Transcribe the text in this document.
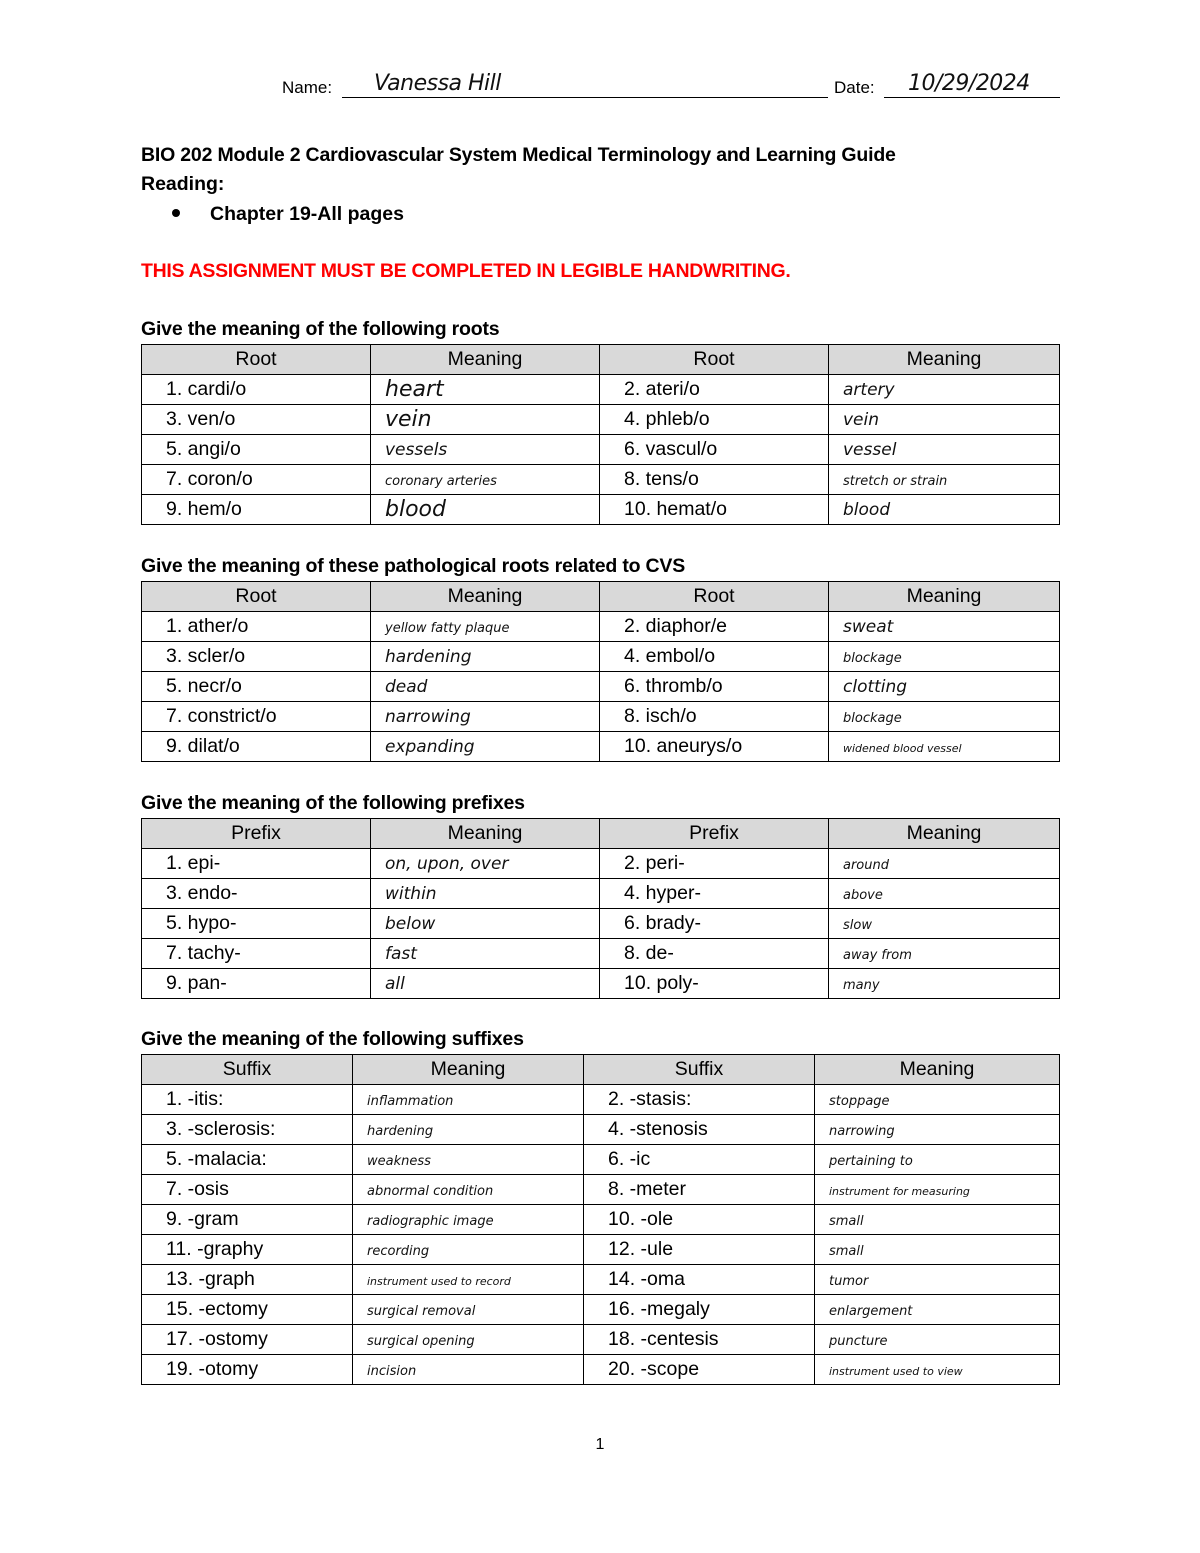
Name: Vanessa Hill	Date: 10/29/2024
BIO 202 Module 2 Cardiovascular System Medical Terminology and Learning Guide
Reading:
Chapter 19-All pages
THIS ASSIGNMENT MUST BE COMPLETED IN LEGIBLE HANDWRITING.
Give the meaning of the following roots
Root	Meaning	Root	Meaning
1. cardi/o	heart	2. ateri/o	artery
3. ven/o	vein	4. phleb/o	vein
5. angi/o	vessels	6. vascul/o	vessel
7. coron/o	coronary arteries	8. tens/o	stretch or strain
9. hem/o	blood	10. hemat/o	blood
Give the meaning of these pathological roots related to CVS
Root	Meaning	Root	Meaning
1. ather/o	yellow fatty plaque	2. diaphor/e	sweat
3. scler/o	hardening	4. embol/o	blockage
5. necr/o	dead	6. thromb/o	clotting
7. constrict/o	narrowing	8. isch/o	blockage
9. dilat/o	expanding	10. aneurys/o	widened blood vessel
Give the meaning of the following prefixes
Prefix	Meaning	Prefix	Meaning
1. epi-	on, upon, over	2. peri-	around
3. endo-	within	4. hyper-	above
5. hypo-	below	6. brady-	slow
7. tachy-	fast	8. de-	away from
9. pan-	all	10. poly-	many
Give the meaning of the following suffixes
Suffix	Meaning	Suffix	Meaning
1. -itis:	inflammation	2. -stasis:	stoppage
3. -sclerosis:	hardening	4. -stenosis	narrowing
5. -malacia:	weakness	6. -ic	pertaining to
7. -osis	abnormal condition	8. -meter	instrument for measuring
9. -gram	radiographic image	10. -ole	small
11. -graphy	recording	12. -ule	small
13. -graph	instrument used to record	14. -oma	tumor
15. -ectomy	surgical removal	16. -megaly	enlargement
17. -ostomy	surgical opening	18. -centesis	puncture
19. -otomy	incision	20. -scope	instrument used to view
1
